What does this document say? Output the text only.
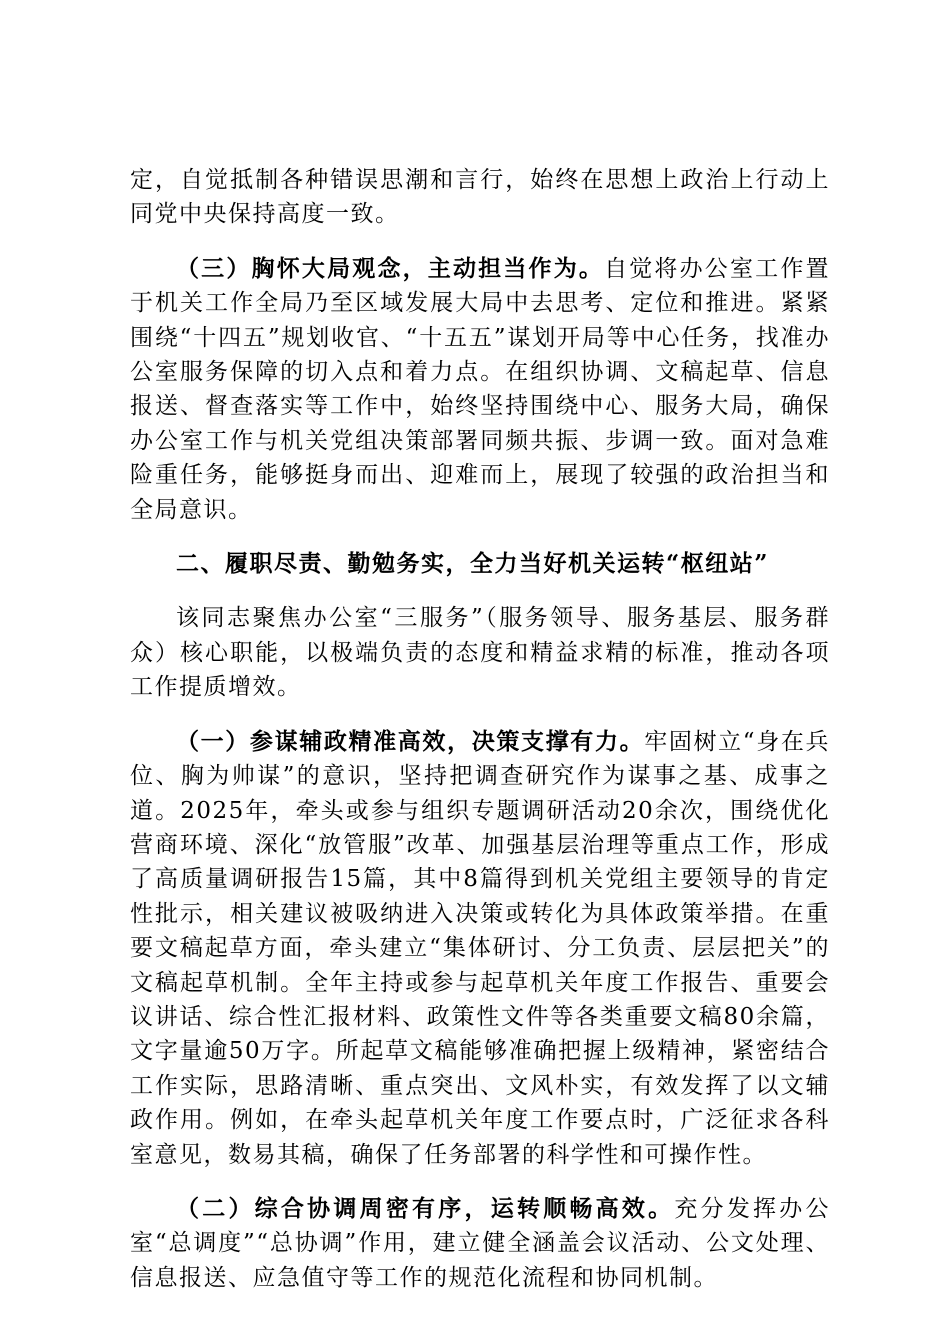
定，自觉抵制各种错误思潮和言行，始终在思想上政治上行动上同党中央保持高度一致。

（三）胸怀大局观念，主动担当作为。自觉将办公室工作置于机关工作全局乃至区域发展大局中去思考、定位和推进。紧紧围绕“十四五”规划收官、“十五五”谋划开局等中心任务，找准办公室服务保障的切入点和着力点。在组织协调、文稿起草、信息报送、督查落实等工作中，始终坚持围绕中心、服务大局，确保办公室工作与机关党组决策部署同频共振、步调一致。面对急难险重任务，能够挺身而出、迎难而上，展现了较强的政治担当和全局意识。

二、履职尽责、勤勉务实，全力当好机关运转“枢纽站”

该同志聚焦办公室“三服务”（服务领导、服务基层、服务群众）核心职能，以极端负责的态度和精益求精的标准，推动各项工作提质增效。

（一）参谋辅政精准高效，决策支撑有力。牢固树立“身在兵位、胸为帅谋”的意识，坚持把调查研究作为谋事之基、成事之道。2025年，牵头或参与组织专题调研活动20余次，围绕优化营商环境、深化“放管服”改革、加强基层治理等重点工作，形成了高质量调研报告15篇，其中8篇得到机关党组主要领导的肯定性批示，相关建议被吸纳进入决策或转化为具体政策举措。在重要文稿起草方面，牵头建立“集体研讨、分工负责、层层把关”的文稿起草机制。全年主持或参与起草机关年度工作报告、重要会议讲话、综合性汇报材料、政策性文件等各类重要文稿80余篇，文字量逾50万字。所起草文稿能够准确把握上级精神，紧密结合工作实际，思路清晰、重点突出、文风朴实，有效发挥了以文辅政作用。例如，在牵头起草机关年度工作要点时，广泛征求各科室意见，数易其稿，确保了任务部署的科学性和可操作性。

（二）综合协调周密有序，运转顺畅高效。充分发挥办公室“总调度”“总协调”作用，建立健全涵盖会议活动、公文处理、信息报送、应急值守等工作的规范化流程和协同机制。
